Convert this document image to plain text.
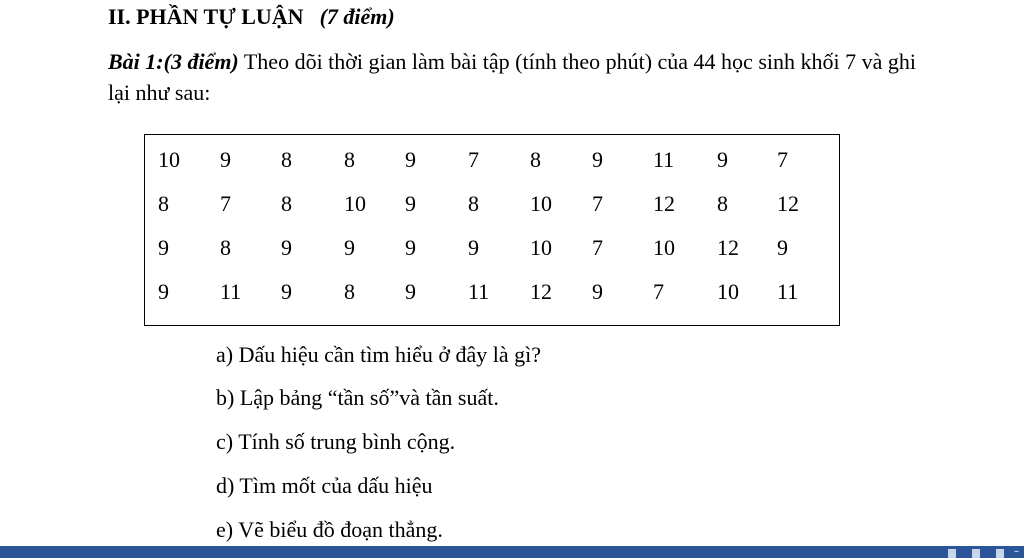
II. PHẦN TỰ LUẬN (7 điểm)
Bài 1:(3 điểm) Theo dõi thời gian làm bài tập (tính theo phút) của 44 học sinh khối 7 và ghi lại như sau:
10 9 8 8 9 7 8 9 11 9 7
8 7 8 10 9 8 10 7 12 8 12
9 8 9 9 9 9 10 7 10 12 9
9 11 9 8 9 11 12 9 7 10 11
a) Dấu hiệu cần tìm hiểu ở đây là gì?
b) Lập bảng “tần số”và tần suất.
c) Tính số trung bình cộng.
d) Tìm mốt của dấu hiệu
e) Vẽ biểu đồ đoạn thẳng.
–
